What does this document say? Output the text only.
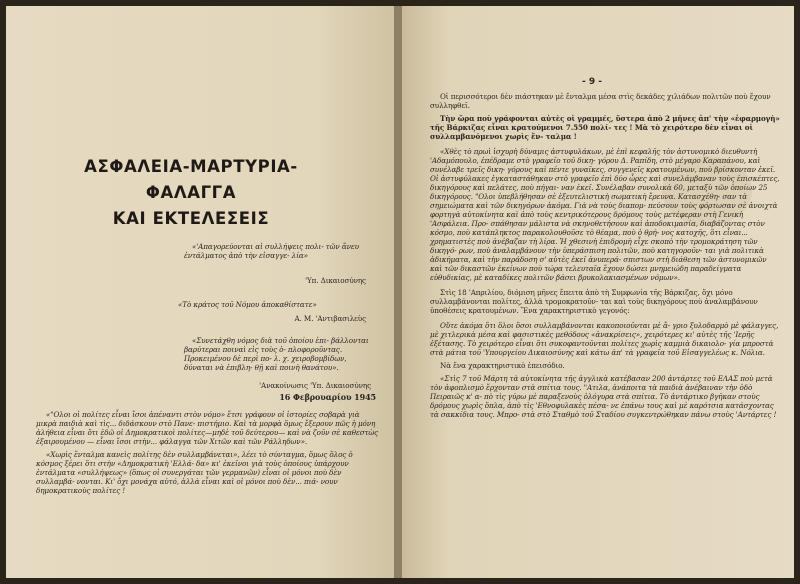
ΑΣΦΑΛΕΙΑ-ΜΑΡΤΥΡΙΑ-ΦΑΛΑΓΓΑ
ΚΑΙ ΕΚΤΕΛΕΣΕΙΣ
«'Απαγορεύονται αἱ συλλήψεις πολι- τῶν ἄνευ ἐντάλματος ἀπὸ τὴν εἰσαγγε- λία»
'Υπ. Δικαιοσύνης
«Τὸ κράτος τοῦ Νόμου ἀποκαθίστατε»
Α. Μ. 'Αντιβασιλεὺς
«Συνετάχθη νόμος διὰ τοῦ ὁποίου ἐπι- βάλλονται βαρύτεραι ποιναὶ εἰς τοὺς ὁ- πλοφοροῦντας. Προκειμένου δὲ περὶ πο- λ. χ. χειροβομβίδων, δύναται νὰ ἐπιβλη- θῇ καὶ ποινὴ θανάτου».
'Ανακοίνωσις 'Υπ. Δικαιοσύνης
16 Φεβρουαρίου 1945

«"Ολοι οἱ πολίτες εἶναι ἴσοι ἀπέναντι στὸν νόμο» ἔτσι γράφουν οἱ ἱστορίες σοβαρὰ γιὰ μικρὰ παιδιὰ καὶ τὶς... διδάσκουν στὸ Πανε- πιστήμιο. Καὶ τὰ μορφὰ ὅμως ἔξερουν πῶς ἡ μόνη ἀλήθεια εἶναι ὅτι ἐδῶ οἱ Δημοκρατικοὶ πολίτες—μηδὲ τοῦ δεύτερου— καὶ νὰ ζοῦν σὲ καθεστὼς ἐξαιρουμένου — εἶναι ἴσοι στὴν... φάλαγγα τῶν Χιτῶν καὶ τῶν Ράλληδων».

«Χωρὶς ἔνταλμα κανεὶς πολίτης δὲν συλλαμβάνεται», λέει τὸ σύνταγμα, ὅμως ὅλος ὁ κόσμος ξέρει ὅτι στὴν «Δημοκρατικὴ 'Ελλά- δα» κι' ἐκεῖνοι γιὰ τοὺς ὁποίους ὑπάρχουν ἐντάλματα «συλλήψεως» (ὅπως οἱ συνεργάται τῶν γερμανῶν) εἶναι οἱ μόνοι ποὺ δὲν συλλαμβά- νονται. Κι' ὄχι μονάχα αὐτό, ἀλλὰ εἶναι καὶ οἱ μόνοι ποὺ δὲν... πιά- νουν δημοκρατικοὺς πολίτες !

- 9 -

Οἱ περισσότεροι δὲν πιάστηκαν μὲ ἔνταλμα μέσα στὶς δεκάδες χιλιάδων πολιτῶν ποὺ ἔχουν συλληφθεῖ.

Τὴν ὥρα ποὺ γράφονται αὐτὲς οἱ γραμμές, ὕστερα ἀπὸ 2 μῆνες ἀπ' τὴν «ἐφαρμογὴ» τῆς Βάρκιζας εἶναι κρατούμενοι 7.550 πολί- τες ! Μὰ τὸ χειρότερο δὲν εἶναι οἱ συλλαμβανόμενοι χωρὶς ἔν- ταλμα !

«Χθὲς τὸ πρωὶ ἰσχυρὴ δύναμις ἀστυφυλάκων, μὲ ἐπὶ κεφαλῆς τὸν ἀστυνομικὸ διευθυντὴ 'Αδαμόπουλο, ἐπέδραμε στὸ γραφεῖο τοῦ δικη- γόρου Δ. Ραπίδη, στὸ μέγαρο Καραπάνου, καὶ συνέλαβε τρεῖς δικη- γόρους καὶ πέντε γυναῖκες, συγγενεῖς κρατουμένων, ποὺ βρίσκονταν ἐκεῖ. Οἱ ἀστυφύλακες ἐγκαταστάθηκαν στὸ γραφεῖο ἐπὶ δύο ὧρες καὶ συνελάμβαναν τοὺς ἐπισκέπτες, δικηγόρους καὶ πελάτες, ποὺ πήγαι- ναν ἐκεῖ. Συνέλαβαν συνολικὰ 60, μεταξὺ τῶν ὁποίων 25 δικηγόρους. "Ολοι ὑπεβλήθησαν σὲ ἐξευτελιστικὴ σωματικὴ ἔρευνα. Κατασχέθη- σαν τὰ σημειώματα καὶ τῶν δικηγόρων ἀκόμα. Γιὰ νὰ τοὺς διαπομ- πεύσουν τοὺς φόρτωσαν σὲ ἀνοιχτὰ φορτηγὰ αὐτοκίνητα καὶ ἀπὸ τοὺς κεντρικότερους δρόμους τοὺς μετέφεραν στὴ Γενικὴ 'Ασφάλεια. Προ- σπάθησαν μάλιστα νὰ σκηνοθετήσουν καὶ ἀποδοκιμασία, διαβάζοντας στὸν κόσμο, ποὺ κατάπληκτος παρακολουθοῦσε τὸ θέαμα, ποὺ ὁ θρή- νος κατοχῆς, ὅτι εἶναι... χρηματιστὲς ποὺ ἀνέβαζαν τὴ λίρα. Ἡ χθεσινὴ ἐπιδρομὴ εἶχε σκοπὸ τὴν τρομοκράτηση τῶν δικηγό- ρων, ποὺ ἀναλαμβάνουν τὴν ὑπεράσπιση πολιτῶν, ποὺ κατηγοροῦν- ται γιὰ πολιτικὰ ἀδικήματα, καὶ τὴν παράδοση σ' αὐτὲς ἐκεῖ ἀνυπερά- σπιστων στὴ διάθεση τῶν ἀστυνομικῶν καὶ τῶν δικαστῶν ἐκείνων ποὺ τώρα τελευταῖα ἔχουν δώσει μνημειώδη παραδείγματα εὐθυδικίας, μὲ καταδίκες πολιτῶν βάσει βρυκολακιασμένων νόμων».

Στὶς 18 'Απριλίου, διόμιση μῆνες ἔπειτα ἀπὸ τὴ Συμφωνία τῆς Βάρκιζας, ὄχι μόνο συλλαμβάνονται πολίτες, ἀλλὰ τρομοκρατοῦν- ται καὶ τοὺς δικηγόρους ποὺ ἀναλαμβάνουν ὑποθέσεις κρατουμένων. Ἕνα χαρακτηριστικὸ γεγονός:

Οὔτε ἀκόμα ὅτι ὅλοι ὅσοι συλλαμβάνονται κακοποιοῦνται μὲ ἄ- γριο ξυλοδαρμὸ μὲ φάλαγγες, μὲ χιτλερικὰ μέσα καὶ φασιστικὲς μεθόδους «ἀνακρίσεις», χειρότερες κι' αὐτὲς τῆς 'Ιερῆς ἐξέτασης. Τὸ χειρότερο εἶναι ὅτι συκοφαντοῦνται πολίτες χωρὶς καμμιὰ δικαιολο- γία μπροστὰ στὰ μάτια τοῦ 'Υπουργείου Δικαιοσύνης καὶ κάτω ἀπ' τὰ γραφεῖα τοῦ Εἰσαγγελέως κ. Νόλια.

Νὰ ἕνα χαρακτηριστικὸ ἐπεισόδιο.

«Στὶς 7 τοῦ Μάρτη τὰ αὐτοκίνητα τῆς ἀγγλικὰ κατέβασαν 200 ἀντάρτες τοῦ ΕΛΑΣ ποὺ μετὰ τὸν ἀφοπλισμὸ ἔρχονταν στὰ σπίτια τους. "Ατιλα, ἀνάποιτα τὰ παιδιὰ ἀνέβαιναν τὴν ὁδὸ Πειραιῶς κ' α- πὸ τὶς γύρω μὲ παραξενοὺς ὁλόγυρα στὰ σπίτια. Τὸ ἀντάρτικο βγῆκαν στοὺς δρόμους χωρὶς ὅπλα, ἀπὸ τὶς 'Εθνοφυλακὲς πέσα- νε ἐπάνω τους καὶ μὲ καρότσια κατάσχοντας τὰ σακκίδια τους. Μπρο- στὰ στὸ Σταθμὸ τοῦ Σταδίου συγκεντρώθηκαν πάνω στοὺς 'Αντάρτες !
